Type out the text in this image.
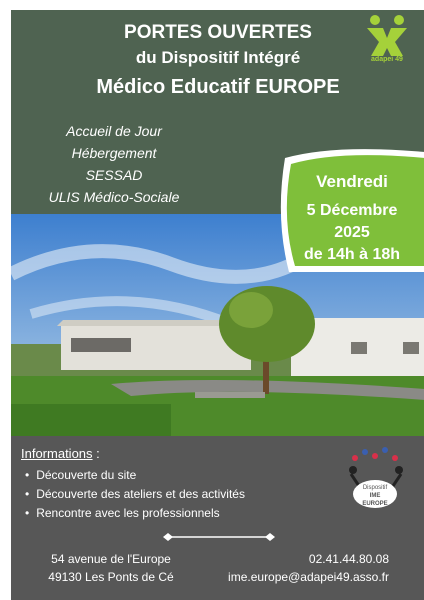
PORTES OUVERTES
du Dispositif Intégré
Médico Educatif EUROPE
Accueil de Jour
Hébergement
SESSAD
ULIS Médico-Sociale
adapei 49
Vendredi
5 Décembre
2025
de 14h à 18h
Informations :
• Découverte du site
• Découverte des ateliers et des activités
• Rencontre avec les professionnels
Dispositif
IME
EUROPE
54 avenue de l'Europe
49130 Les Ponts de Cé
02.41.44.80.08
ime.europe@adapei49.asso.fr
